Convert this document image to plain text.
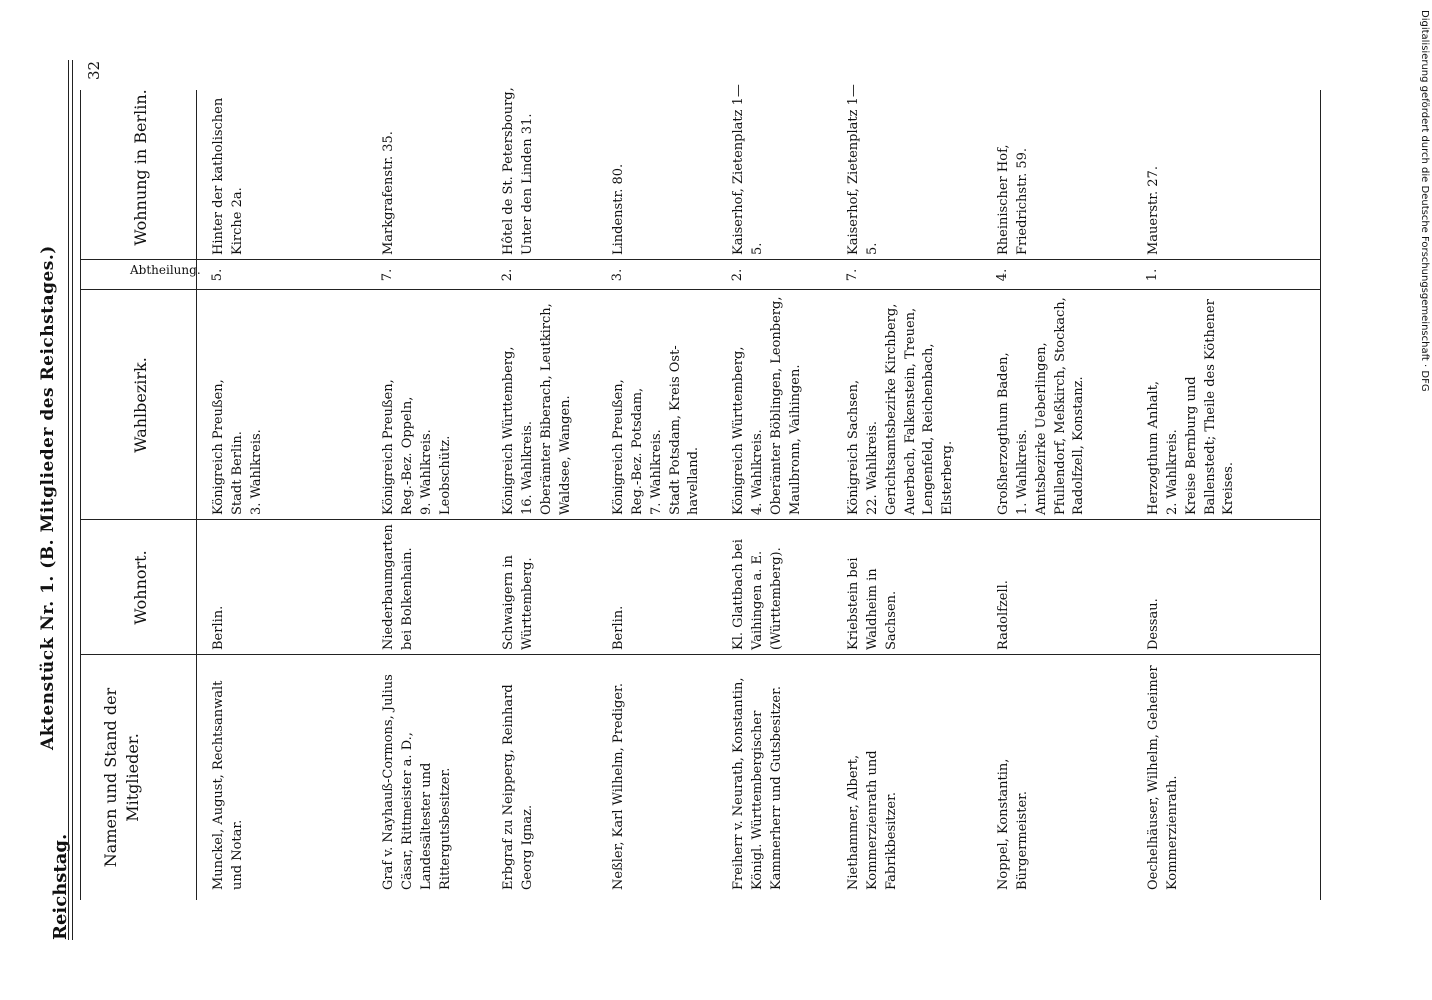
Reichstag.
Aktenstück Nr. 1. (B. Mitglieder des Reichstages.)
32
Namen und Stand der Mitglieder.
Wohnort.
Wahlbezirk.
Abtheilung.
Wohnung in Berlin.
Munckel, August, Rechtsanwalt und Notar.
Berlin.
Königreich Preußen,
Stadt Berlin.
3. Wahlkreis.
5.
Hinter der katholischen Kirche 2a.
Graf v. Nayhauß-Cormons, Julius Cäsar, Rittmeister a. D., Landesältester und Rittergutsbesitzer.
Niederbaumgarten bei Bolkenhain.
Königreich Preußen,
Reg.-Bez. Oppeln,
9. Wahlkreis.
Leobschütz.
7.
Markgrafenstr. 35.
Erbgraf zu Neipperg, Reinhard Georg Ignaz.
Schwaigern in Württemberg.
Königreich Württemberg,
16. Wahlkreis.
Oberämter Biberach, Leutkirch, Waldsee, Wangen.
2.
Hôtel de St. Petersbourg, Unter den Linden 31.
Neßler, Karl Wilhelm, Prediger.
Berlin.
Königreich Preußen,
Reg.-Bez. Potsdam,
7. Wahlkreis.
Stadt Potsdam, Kreis Ost-havelland.
3.
Lindenstr. 80.
Freiherr v. Neurath, Konstantin, Königl. Württembergischer Kammerherr und Gutsbesitzer.
Kl. Glattbach bei Vaihingen a. E. (Württemberg).
Königreich Württemberg,
4. Wahlkreis.
Oberämter Böblingen, Leonberg, Maulbronn, Vaihingen.
2.
Kaiserhof, Zietenplatz 1—5.
Niethammer, Albert, Kommerzienrath und Fabrikbesitzer.
Kriebstein bei Waldheim in Sachsen.
Königreich Sachsen,
22. Wahlkreis.
Gerichtsamtsbezirke Kirchberg, Auerbach, Falkenstein, Treuen, Lengenfeld, Reichenbach, Elsterberg.
7.
Kaiserhof, Zietenplatz 1—5.
Noppel, Konstantin, Bürgermeister.
Radolfzell.
Großherzogthum Baden,
1. Wahlkreis.
Amtsbezirke Ueberlingen, Pfullendorf, Meßkirch, Stockach, Radolfzell, Konstanz.
4.
Rheinischer Hof, Friedrichstr. 59.
Oechelhäuser, Wilhelm, Geheimer Kommerzienrath.
Dessau.
Herzogthum Anhalt,
2. Wahlkreis.
Kreise Bernburg und Ballenstedt; Theile des Köthener Kreises.
1.
Mauerstr. 27.	Digitalisierung gefördert durch die Deutsche Forschungsgemeinschaft · DFG
